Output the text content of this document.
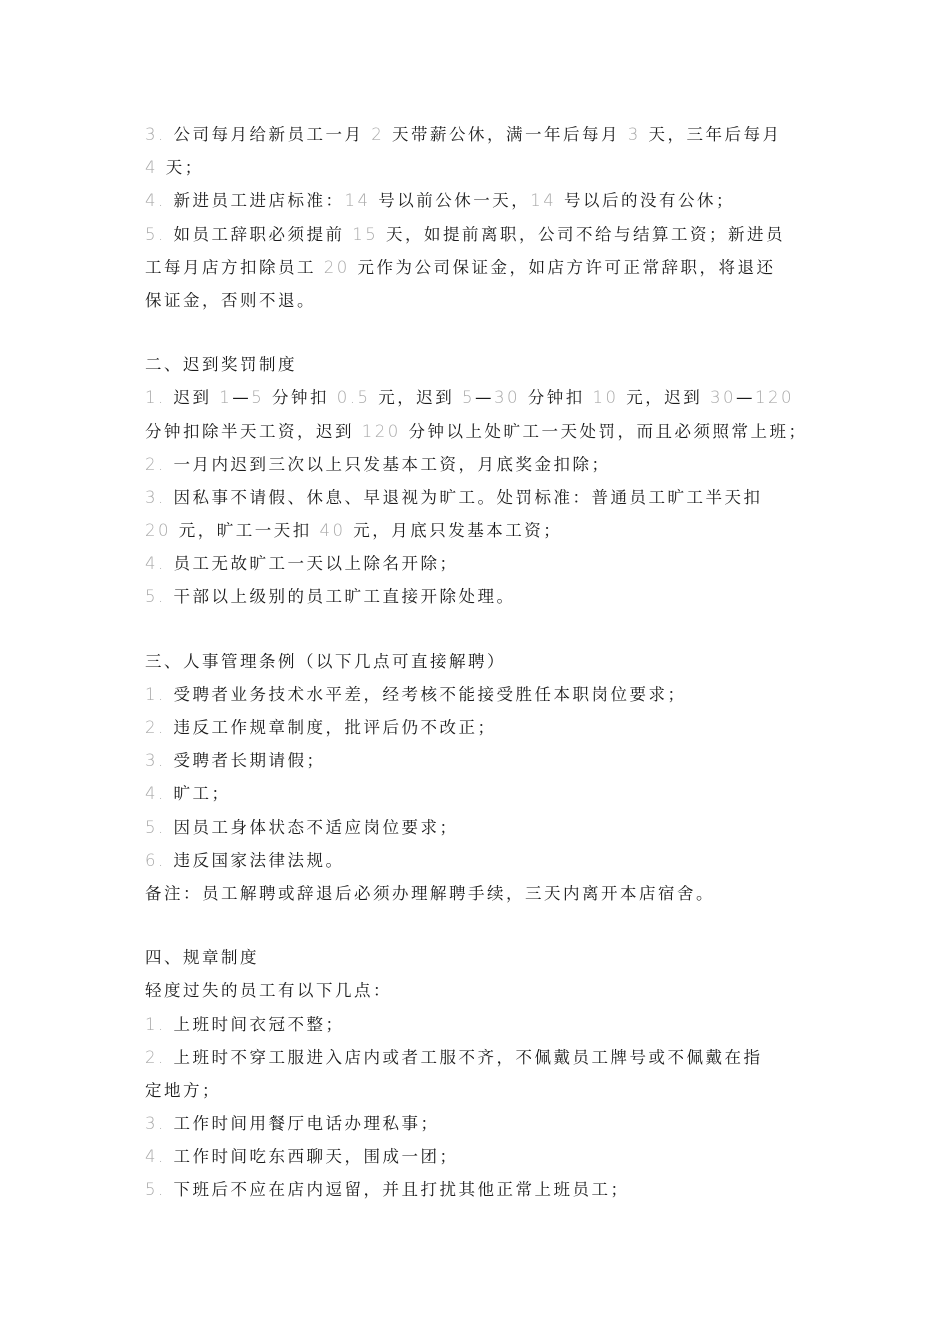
3. 公司每月给新员工一月 2 天带薪公休，满一年后每月 3 天，三年后每月
4 天；
4. 新进员工进店标准：14 号以前公休一天，14 号以后的没有公休；
5. 如员工辞职必须提前 15 天，如提前离职，公司不给与结算工资；新进员
工每月店方扣除员工 20 元作为公司保证金，如店方许可正常辞职，将退还
保证金，否则不退。
二、迟到奖罚制度
1. 迟到 1—5 分钟扣 0.5 元，迟到 5—30 分钟扣 10 元，迟到 30—120
分钟扣除半天工资，迟到 120 分钟以上处旷工一天处罚，而且必须照常上班；
2. 一月内迟到三次以上只发基本工资，月底奖金扣除；
3. 因私事不请假、休息、早退视为旷工。处罚标准：普通员工旷工半天扣
20 元，旷工一天扣 40 元，月底只发基本工资；
4. 员工无故旷工一天以上除名开除；
5. 干部以上级别的员工旷工直接开除处理。
三、人事管理条例（以下几点可直接解聘）
1. 受聘者业务技术水平差，经考核不能接受胜任本职岗位要求；
2. 违反工作规章制度，批评后仍不改正；
3. 受聘者长期请假；
4. 旷工；
5. 因员工身体状态不适应岗位要求；
6. 违反国家法律法规。
备注：员工解聘或辞退后必须办理解聘手续，三天内离开本店宿舍。
四、规章制度
轻度过失的员工有以下几点：
1. 上班时间衣冠不整；
2. 上班时不穿工服进入店内或者工服不齐，不佩戴员工牌号或不佩戴在指
定地方；
3. 工作时间用餐厅电话办理私事；
4. 工作时间吃东西聊天，围成一团；
5. 下班后不应在店内逗留，并且打扰其他正常上班员工；
